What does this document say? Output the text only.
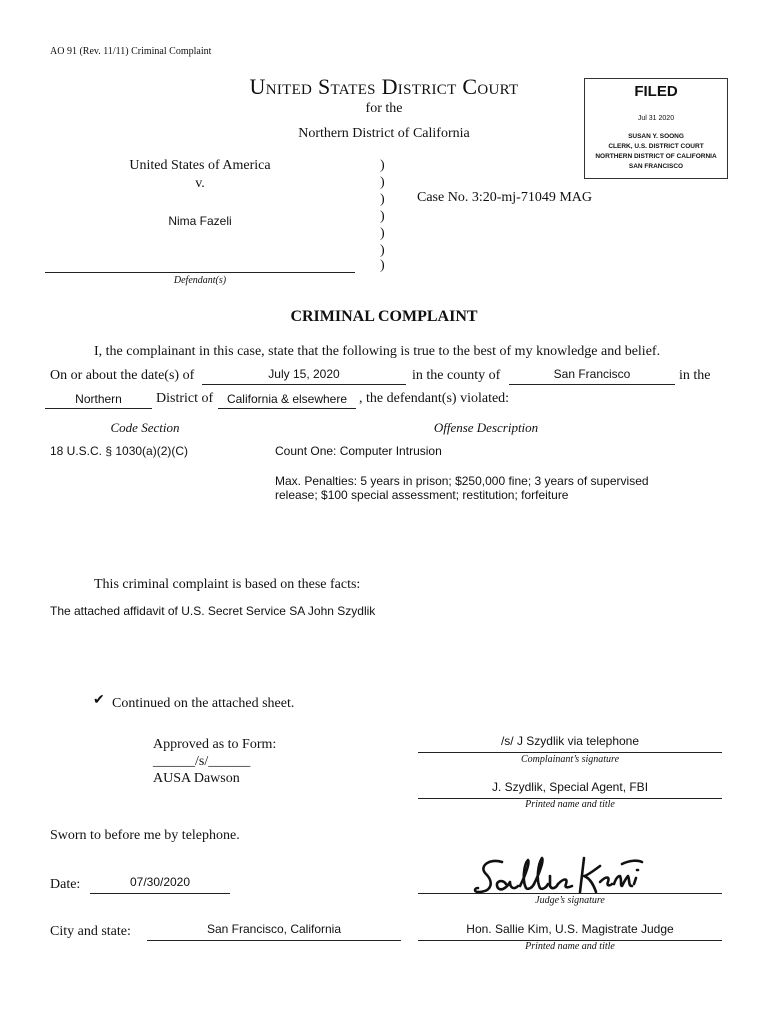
AO 91 (Rev. 11/11) Criminal Complaint
United States District Court
for the
Northern District of California
FILED
Jul 31 2020
SUSAN Y. SOONG
CLERK, U.S. DISTRICT COURT
NORTHERN DISTRICT OF CALIFORNIA
SAN FRANCISCO
United States of America
v.
Nima Fazeli
Defendant(s)
)
)
)
)
)
)
)
Case No. 3:20-mj-71049 MAG
CRIMINAL COMPLAINT
I, the complainant in this case, state that the following is true to the best of my knowledge and belief.
On or about the date(s) of	July 15, 2020	in the county of	San Francisco	in the
Northern	District of	California & elsewhere , the defendant(s) violated:
Code Section	Offense Description
18 U.S.C. § 1030(a)(2)(C)	Count One: Computer Intrusion
Max. Penalties: 5 years in prison; $250,000 fine; 3 years of supervised
release; $100 special assessment; restitution; forfeiture
This criminal complaint is based on these facts:
The attached affidavit of U.S. Secret Service SA John Szydlik
✔ Continued on the attached sheet.
Approved as to Form:
______/s/______
AUSA Dawson
/s/ J Szydlik via telephone
Complainant’s signature
J. Szydlik, Special Agent, FBI
Printed name and title
Sworn to before me by telephone.
Date:	07/30/2020
Judge’s signature
City and state:	San Francisco, California	Hon. Sallie Kim, U.S. Magistrate Judge
Printed name and title
